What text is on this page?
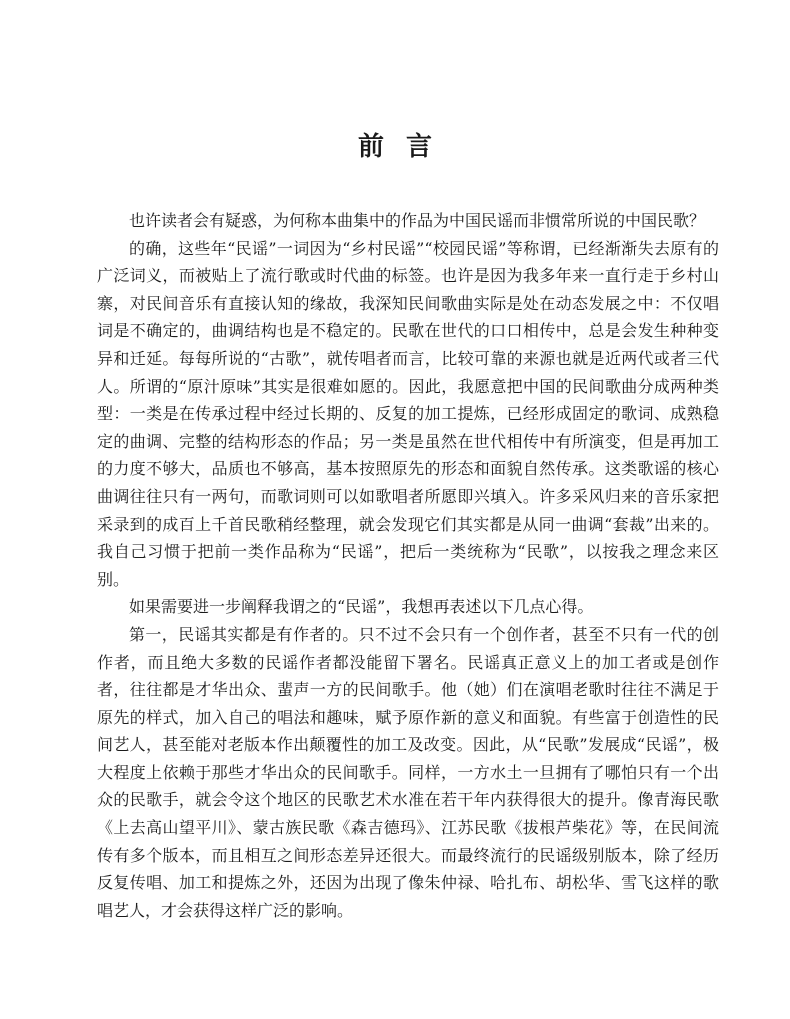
前言

也许读者会有疑惑，为何称本曲集中的作品为中国民谣而非惯常所说的中国民歌？

的确，这些年“民谣”一词因为“乡村民谣”“校园民谣”等称谓，已经渐渐失去原有的广泛词义，而被贴上了流行歌或时代曲的标签。也许是因为我多年来一直行走于乡村山寨，对民间音乐有直接认知的缘故，我深知民间歌曲实际是处在动态发展之中：不仅唱词是不确定的，曲调结构也是不稳定的。民歌在世代的口口相传中，总是会发生种种变异和迁延。每每所说的“古歌”，就传唱者而言，比较可靠的来源也就是近两代或者三代人。所谓的“原汁原味”其实是很难如愿的。因此，我愿意把中国的民间歌曲分成两种类型：一类是在传承过程中经过长期的、反复的加工提炼，已经形成固定的歌词、成熟稳定的曲调、完整的结构形态的作品；另一类是虽然在世代相传中有所演变，但是再加工的力度不够大，品质也不够高，基本按照原先的形态和面貌自然传承。这类歌谣的核心曲调往往只有一两句，而歌词则可以如歌唱者所愿即兴填入。许多采风归来的音乐家把采录到的成百上千首民歌稍经整理，就会发现它们其实都是从同一曲调“套裁”出来的。我自己习惯于把前一类作品称为“民谣”，把后一类统称为“民歌”，以按我之理念来区别。

如果需要进一步阐释我谓之的“民谣”，我想再表述以下几点心得。

第一，民谣其实都是有作者的。只不过不会只有一个创作者，甚至不只有一代的创作者，而且绝大多数的民谣作者都没能留下署名。民谣真正意义上的加工者或是创作者，往往都是才华出众、蜚声一方的民间歌手。他（她）们在演唱老歌时往往不满足于原先的样式，加入自己的唱法和趣味，赋予原作新的意义和面貌。有些富于创造性的民间艺人，甚至能对老版本作出颠覆性的加工及改变。因此，从“民歌”发展成“民谣”，极大程度上依赖于那些才华出众的民间歌手。同样，一方水土一旦拥有了哪怕只有一个出众的民歌手，就会令这个地区的民歌艺术水准在若干年内获得很大的提升。像青海民歌《上去高山望平川》、蒙古族民歌《森吉德玛》、江苏民歌《拔根芦柴花》等，在民间流传有多个版本，而且相互之间形态差异还很大。而最终流行的民谣级别版本，除了经历反复传唱、加工和提炼之外，还因为出现了像朱仲禄、哈扎布、胡松华、雪飞这样的歌唱艺人，才会获得这样广泛的影响。
